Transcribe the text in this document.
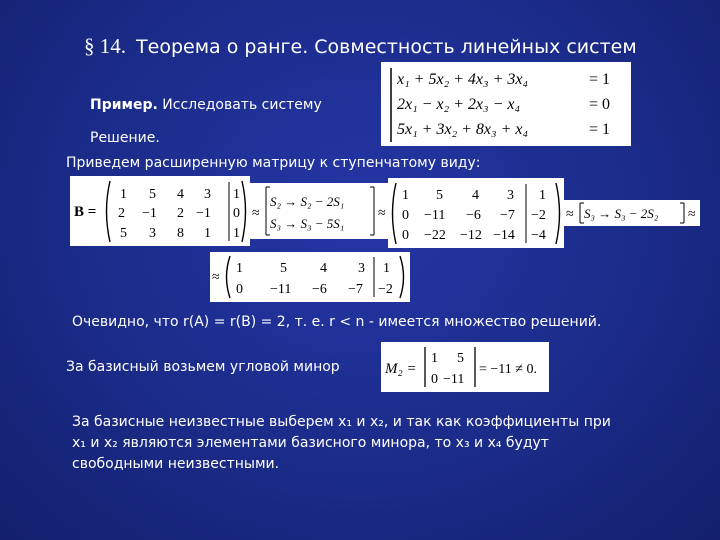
§ 14. Теорема о ранге. Совместность линейных систем
Пример. Исследовать систему
x₁ + 5x₂ + 4x₃ + 3x₄	= 1
2x₁ − x₂ + 2x₃ − x₄	= 0
5x₁ + 3x₂ + 8x₃ + x₄	= 1
Решение.
Приведем расширенную матрицу к ступенчатому виду:
B =
1 5 4 3 1
2 −1 2 −1 0
5 3 8 1 1
≈
S₂ → S₂ − 2S₁
S₃ → S₃ − 5S₁
≈
1 5 4 3 1
0 −11 −6 −7 −2
0 −22 −12 −14 −4
≈ S₃ → S₃ − 2S₂ ≈
≈
1	5 4 3 1
0 −11 −6 −7 −2
Очевидно, что r(A) = r(B) = 2, т. е. r < n - имеется множество решений.
За базисный возьмем угловой минор	M₂ =
1 5
0 −11
= −11 ≠ 0.
За базисные неизвестные выберем x₁ и x₂, и так как коэффициенты при
x₁ и x₂ являются элементами базисного минора, то x₃ и x₄ будут
свободными неизвестными.
